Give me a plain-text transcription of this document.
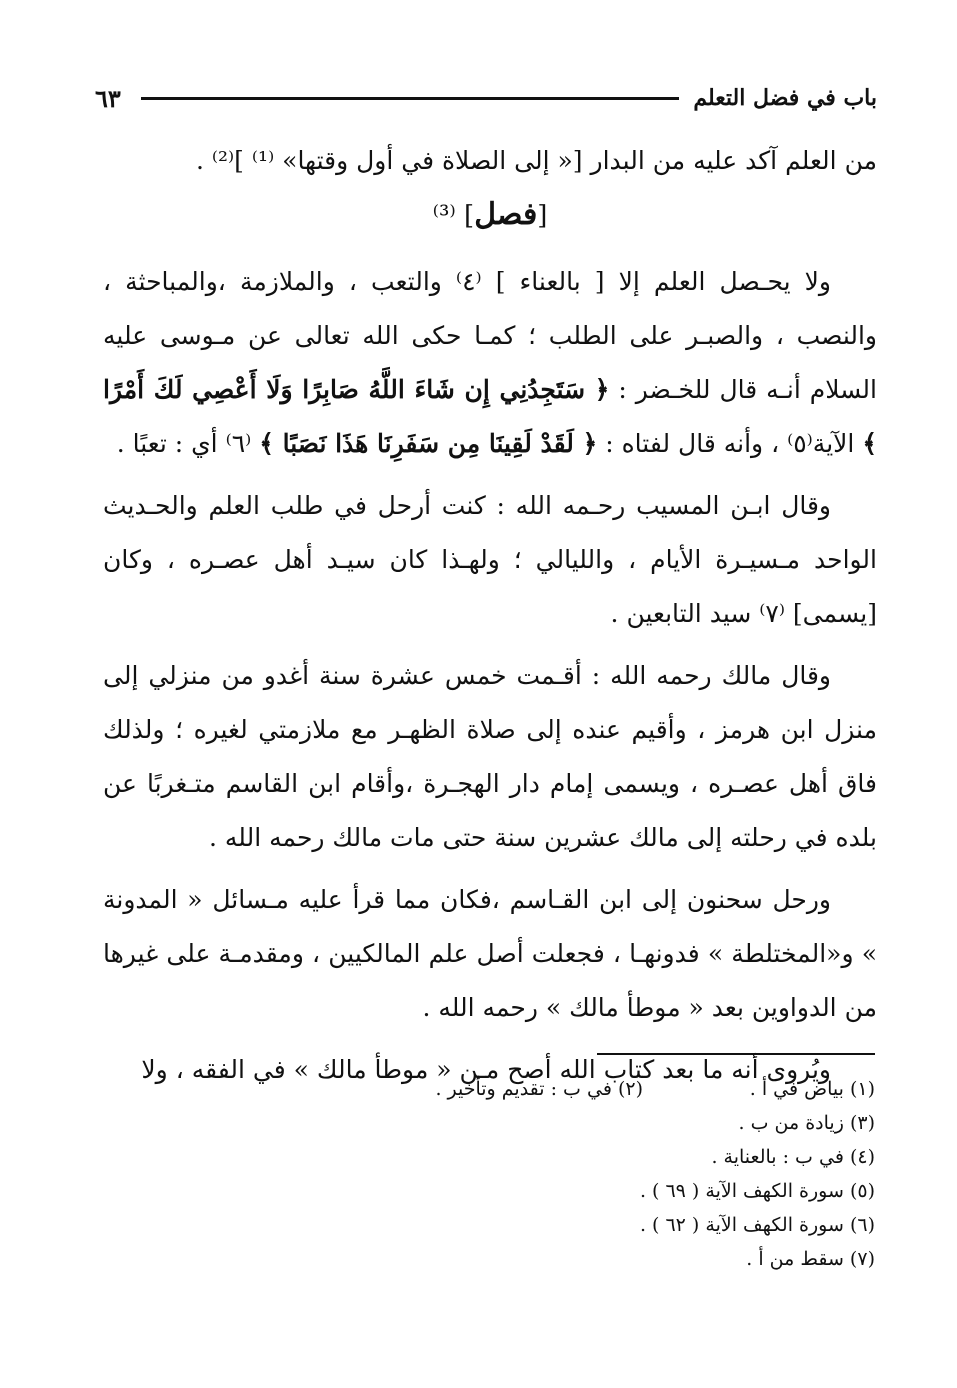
باب في فضل التعلم
٦٣

من العلم آكد عليه من البدار [« إلى الصلاة في أول وقتها» ⁽¹⁾ ]⁽²⁾ .

[فصل] ⁽³⁾

ولا يحـصل العلم إلا [ بالعناء ] ⁽٤⁾ والتعب ، والملازمة ،والمباحثة ، والنصب ، والصبـر على الطلب ؛ كمـا حكى الله تعالى عن مـوسى عليه السلام أنـه قال للخـضر : ﴿ سَتَجِدُنِي إِن شَاءَ اللَّهُ صَابِرًا وَلَا أَعْصِي لَكَ أَمْرًا ﴾ الآية⁽٥⁾ ، وأنه قال لفتاه : ﴿ لَقَدْ لَقِينَا مِن سَفَرِنَا هَذَا نَصَبًا ﴾ ⁽٦⁾ أي : تعبًا .

وقال ابـن المسيب رحـمه الله : كنت أرحل في طلب العلم والحـديث الواحد مـسيـرة الأيام ، والليالي ؛ ولهـذا كان سيـد أهل عصـره ، وكان [يسمى] ⁽٧⁾ سيد التابعين .

وقال مالك رحمه الله : أقـمت خمس عشرة سنة أغدو من منزلي إلى منزل ابن هرمز ، وأقيم عنده إلى صلاة الظهـر مع ملازمتي لغيره ؛ ولذلك فاق أهل عصـره ، ويسمى إمام دار الهجـرة ،وأقام ابن القاسم متـغربًا عن بلده في رحلته إلى مالك عشرين سنة حتى مات مالك رحمه الله .

ورحل سحنون إلى ابن القـاسم ،فكان مما قرأ عليه مـسائل « المدونة » و«المختلطة » فدونهـا ، فجعلت أصل علم المالكيين ، ومقدمـة على غيرها من الدواوين بعد « موطأ مالك » رحمه الله .

ويُروى أنه ما بعد كتاب الله أصح مـن « موطأ مالك » في الفقه ، ولا

(١) بياض في أ .
(٢) في ب : تقديم وتأخير .
(٣) زيادة من ب .
(٤) في ب : بالعناية .
(٥) سورة الكهف الآية ( ٦٩ ) .
(٦) سورة الكهف الآية ( ٦٢ ) .
(٧) سقط من أ .
